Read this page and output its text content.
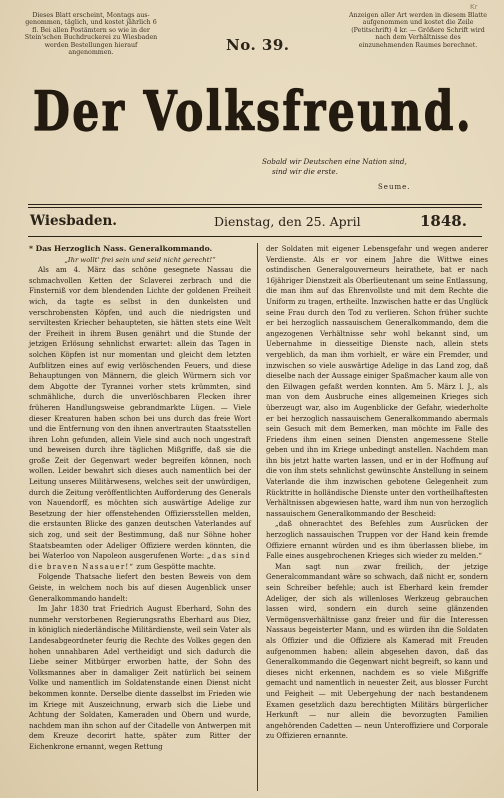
Dieses Blatt erscheint, Montags aus-genommen, täglich, und kostet jährlich 6 fl. Bei allen Postämtern so wie in der Stein'schen Buchdruckerei zu Wiesbaden werden Bestellungen hierauf angenommen.	No. 39.
Anzeigen aller Art werden in diesem Blatte aufgenommen und kostet die Zeile (Petitschrift) 4 kr. — Größere Schrift wird nach dem Verhältnisse des einzunehmenden Raumes berechnet.
Kr
Der Volksfreund.
Sobald wir Deutschen eine Nation sind,
sind wir die erste.
Seume.
Wiesbaden.	Dienstag, den 25. April	1848.

* Das Herzoglich Nass. Generalkommando.

„Ihr wollt' frei sein und seid nicht gerecht!“

Als am 4. März das schöne gesegnete Nassau die schmachvollen Ketten der Sclaverei zerbrach und die Finsterniß vor dem blendenden Lichte der goldenen Freiheit wich, da tagte es selbst in den dunkelsten und verschrobensten Köpfen, und auch die niedrigsten und serviltesten Kriecher behaupteten, sie hätten stets eine Welt der Freiheit in ihrem Busen genährt und die Stunde der jetzigen Erlösung sehnlichst erwartet: allein das Tagen in solchen Köpfen ist nur momentan und gleicht dem letzten Aufblitzen eines auf ewig verlöschenden Feuers, und diese Behauptungen von Männern, die gleich Würmern sich vor dem Abgotte der Tyrannei vorher stets krümmten, sind schmähliche, durch die unverlöschbaren Flecken ihrer früheren Handlungsweise gebrandmarkte Lügen. — Viele dieser Kreaturen haben schon bei uns durch das freie Wort und die Entfernung von den ihnen anvertrauten Staatsstellen ihren Lohn gefunden, allein Viele sind auch noch ungestraft und beweisen durch ihre täglichen Mißgriffe, daß sie die große Zeit der Gegenwart weder begreifen können, noch wollen. Leider bewahrt sich dieses auch namentlich bei der Leitung unseres Militärwesens, welches seit der unwürdigen, durch die Zeitung veröffentlichten Aufforderung des Generals von Nauendorff, es möchten sich auswärtige Adelige zur Besetzung der hier offenstehenden Offiziersstellen melden, die erstaunten Blicke des ganzen deutschen Vaterlandes auf sich zog, und seit der Bestimmung, daß nur Söhne hoher Staatsbeamten oder Adeliger Offiziere werden könnten, die bei Waterloo von Napoleon ausgerufenen Worte: „das sind die braven Nassauer!“ zum Gespötte machte.

Folgende Thatsache liefert den besten Beweis von dem Geiste, in welchem noch bis auf diesen Augenblick unser Generalkommando handelt:

Im Jahr 1830 trat Friedrich August Eberhard, Sohn des nunmehr verstorbenen Regierungsraths Eberhard aus Diez, in königlich niederländische Militärdienste, weil sein Vater als Landesabgeordneter feurig die Rechte des Volkes gegen den hohen unnahbaren Adel vertheidigt und sich dadurch die Liebe seiner Mitbürger erworben hatte, der Sohn des Volksmannes aber in damaliger Zeit natürlich bei seinem Volke und namentlich im Soldatenstande einen Dienst nicht bekommen konnte. Derselbe diente dasselbst im Frieden wie im Kriege mit Auszeichnung, erwarb sich die Liebe und Achtung der Soldaten, Kameraden und Obern und wurde, nachdem man ihn schon auf der Citadelle von Antwerpen mit dem Kreuze decorirt hatte, später zum Ritter der Eichenkrone ernannt, wegen Rettung

der Soldaten mit eigener Lebensgefahr und wegen anderer Verdienste. Als er vor einem Jahre die Wittwe eines ostindischen Generalgouverneurs heirathete, bat er nach 16jähriger Dienstzeit als Oberlieutenant um seine Entlassung, die man ihm auf das Ehrenvollste und mit dem Rechte die Uniform zu tragen, ertheilte. Inzwischen hatte er das Unglück seine Frau durch den Tod zu verlieren. Schon früher suchte er bei herzoglich nassauischem Generalkommando, dem die angezogenen Verhältnisse sehr wohl bekannt sind, um Uebernahme in diesseitige Dienste nach, allein stets vergeblich, da man ihm vorhielt, er wäre ein Fremder, und inzwischen so viele auswärtige Adelige in das Land zog, daß dieselbe nach der Aussage einiger Spaßmacher kaum alle von den Eilwagen gefaßt werden konnten. Am 5. März l. J., als man von dem Ausbruche eines allgemeinen Krieges sich überzeugt war, also im Augenblicke der Gefahr, wiederholte er bei herzoglich nassauischem Generalkommando abermals sein Gesuch mit dem Bemerken, man möchte im Falle des Friedens ihm einen seinen Diensten angemessene Stelle geben und ihn im Kriege unbedingt anstellen. Nachdem man ihn bis jetzt hatte warten lassen, und er in der Hoffnung auf die von ihm stets sehnlichst gewünschte Anstellung in seinem Vaterlande die ihm inzwischen gebotene Gelegenheit zum Rücktritte in holländische Dienste unter den vortheilhaftesten Verhältnissen abgewiesen hatte, ward ihm nun von herzoglich nassauischem Generalkommando der Bescheid:

„daß ohnerachtet des Befehles zum Ausrücken der herzoglich nassauischen Truppen vor der Hand kein fremde Offiziere ernannt würden und es ihm überlassen bliebe, im Falle eines ausgebrochenen Krieges sich wieder zu melden.“

Man sagt nun zwar freilich, der jetzige Generalcommandant wäre so schwach, daß nicht er, sondern sein Schreiber befehle; auch ist Eberhard kein fremder Adeliger, der sich als willenloses Werkzeug gebrauchen lassen wird, sondern ein durch seine glänzenden Vermögensverhältnisse ganz freier und für die Interessen Nassaus begeisterter Mann, und es würden ihn die Soldaten als Offizier und die Offiziere als Kamerad mit Freuden aufgenommen haben: allein abgesehen davon, daß das Generalkommando die Gegenwart nicht begreift, so kann und dieses nicht erkennen, nachdem es so viele Mißgriffe gemacht und namentlich in neuester Zeit, aus blosser Furcht und Feigheit — mit Uebergehung der nach bestandenem Examen gesetzlich dazu berechtigten Militärs bürgerlicher Herkunft — nur allein die bevorzugten Familien angehörenden Cadetten — neun Unteroffiziere und Corporale zu Offizieren ernannte.
